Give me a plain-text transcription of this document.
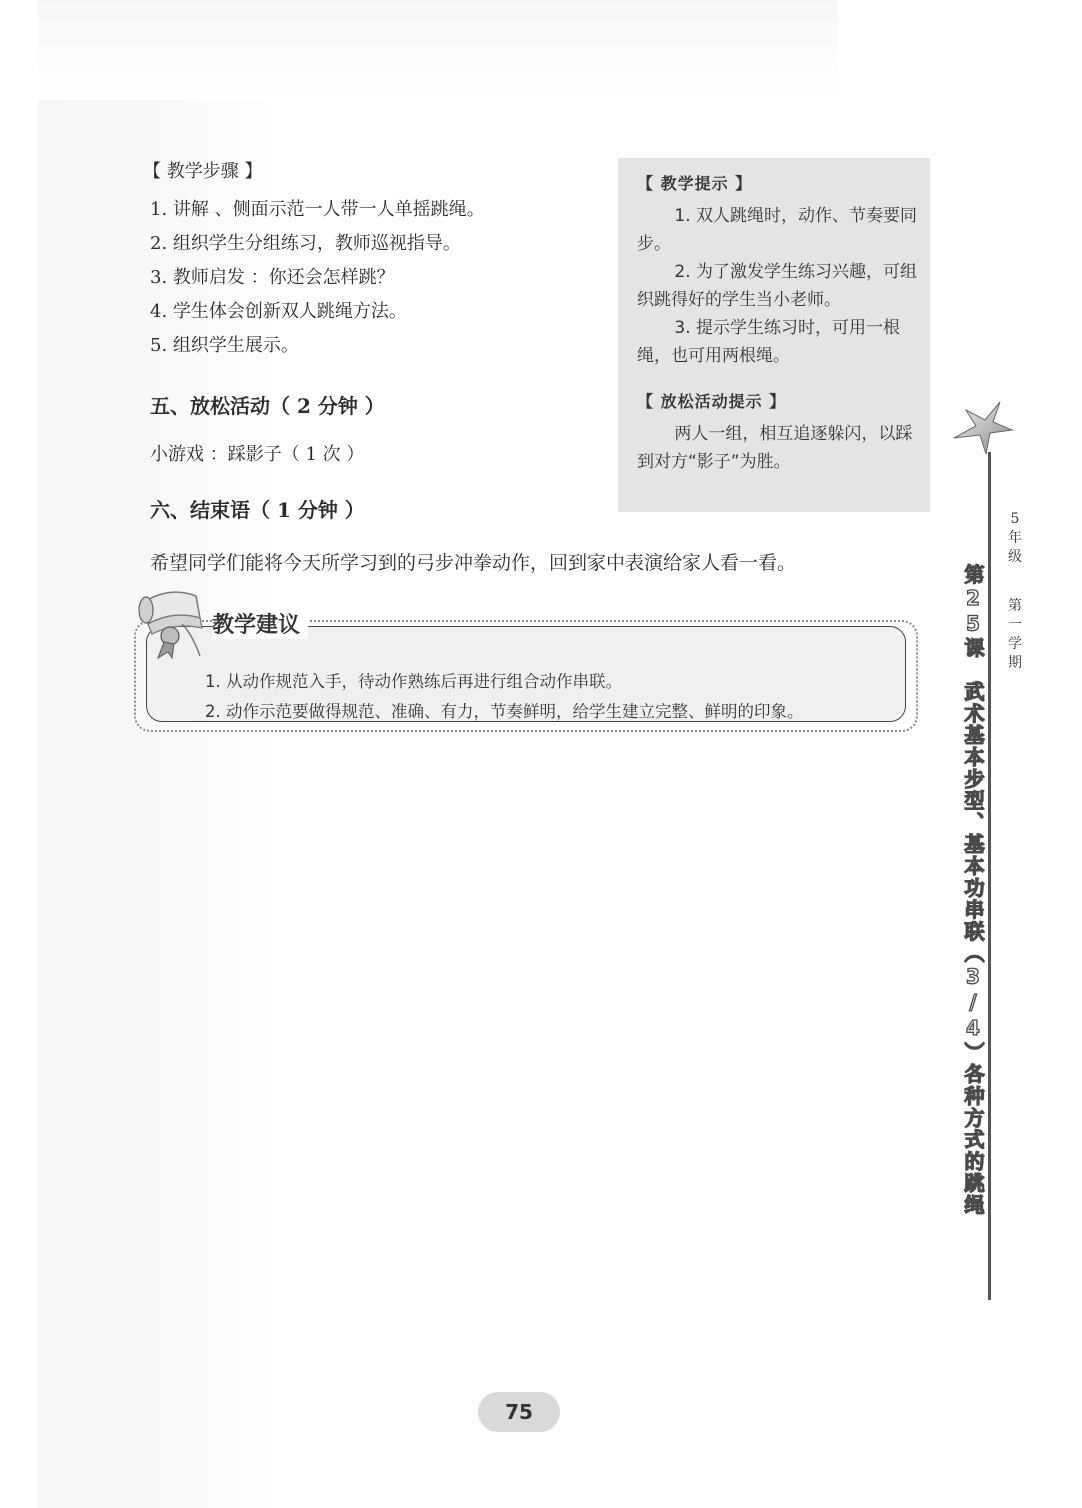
【 教学步骤 】
1. 讲解 、侧面示范一人带一人单摇跳绳。
2. 组织学生分组练习，教师巡视指导。
3. 教师启发 ：你还会怎样跳？
4. 学生体会创新双人跳绳方法。
5. 组织学生展示。
五、放松活动（ 2 分钟 ）
小游戏 ：踩影子（ 1 次 ）
六、结束语（ 1 分钟 ）
希望同学们能将今天所学习到的弓步冲拳动作，回到家中表演给家人看一看。
【 教学提示 】

1. 双人跳绳时，动作、节奏要同步。

2. 为了激发学生练习兴趣，可组织跳得好的学生当小老师。

3. 提示学生练习时，可用一根绳，也可用两根绳。

【 放松活动提示 】

两人一组，相互追逐躲闪，以踩到对方“影子”为胜。

1. 从动作规范入手，待动作熟练后再进行组合动作串联。
2. 动作示范要做得规范、准确、有力，节奏鲜明，给学生建立完整、鲜明的印象。
教学建议
5
年
级
第
一
学
期
第25课　武术基本步型、基本功串联（3/4）各种方式的跳绳
75
